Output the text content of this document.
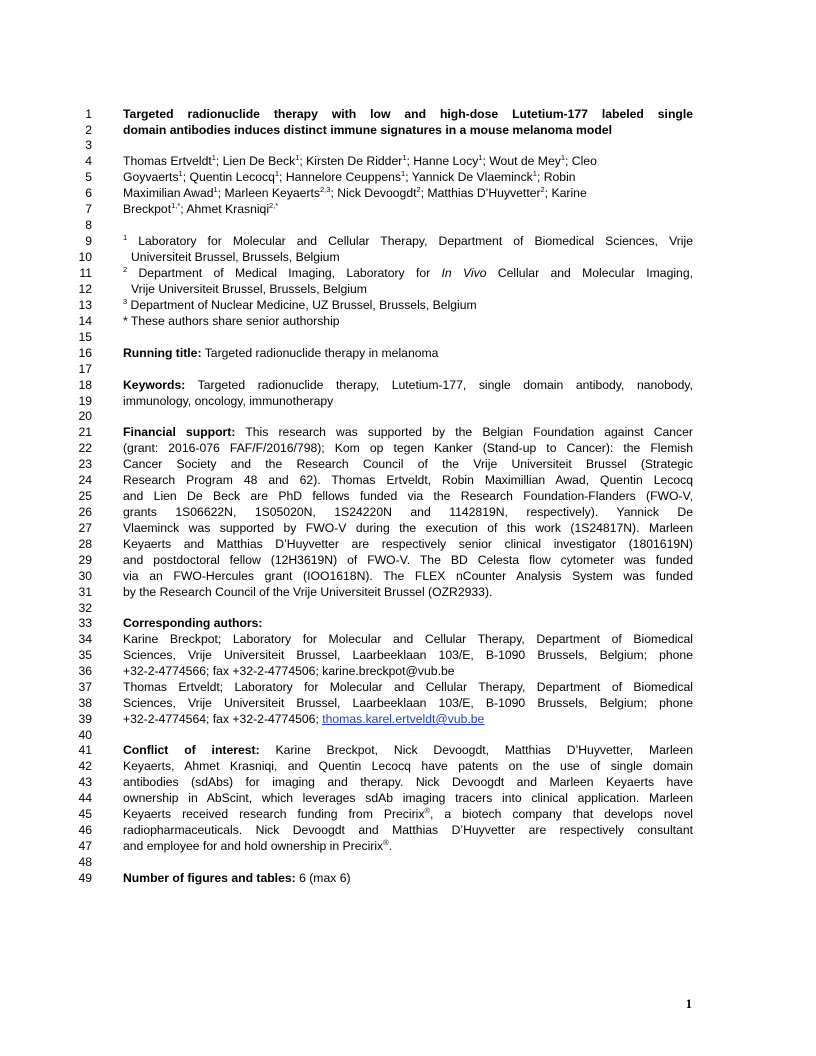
1
2
3
4
5
6
7
8
9
10
11
12
13
14
15
16
17
18
19
20
21
22
23
24
25
26
27
28
29
30
31
32
33
34
35
36
37
38
39
40
41
42
43
44
45
46
47
48
49
Targeted radionuclide therapy with low and high-dose Lutetium-177 labeled single
domain antibodies induces distinct immune signatures in a mouse melanoma model
Thomas Ertveldt$^1$; Lien De Beck$^1$; Kirsten De Ridder$^1$; Hanne Locy$^1$; Wout de Mey$^1$; Cleo
Goyvaerts$^1$; Quentin Lecocq$^1$; Hannelore Ceuppens$^1$; Yannick De Vlaeminck$^1$; Robin
Maximilian Awad$^1$; Marleen Keyaerts$^{2,3}$; Nick Devoogdt$^2$; Matthias D’Huyvetter$^2$; Karine
Breckpot$^{1,*}$; Ahmet Krasniqi$^{2,*}$
$^1$ Laboratory for Molecular and Cellular Therapy, Department of Biomedical Sciences, Vrije
Universiteit Brussel, Brussels, Belgium
$^2$ Department of Medical Imaging, Laboratory for In Vivo Cellular and Molecular Imaging,
Vrije Universiteit Brussel, Brussels, Belgium
$^3$ Department of Nuclear Medicine, UZ Brussel, Brussels, Belgium
* These authors share senior authorship
Running title: Targeted radionuclide therapy in melanoma
Keywords: Targeted radionuclide therapy, Lutetium-177, single domain antibody, nanobody,
immunology, oncology, immunotherapy
Financial support: This research was supported by the Belgian Foundation against Cancer
(grant: 2016-076 FAF/F/2016/798); Kom op tegen Kanker (Stand-up to Cancer): the Flemish
Cancer Society and the Research Council of the Vrije Universiteit Brussel (Strategic
Research Program 48 and 62). Thomas Ertveldt, Robin Maximillian Awad, Quentin Lecocq
and Lien De Beck are PhD fellows funded via the Research Foundation-Flanders (FWO-V,
grants 1S06622N, 1S05020N, 1S24220N and 1142819N, respectively). Yannick De
Vlaeminck was supported by FWO-V during the execution of this work (1S24817N). Marleen
Keyaerts and Matthias D’Huyvetter are respectively senior clinical investigator (1801619N)
and postdoctoral fellow (12H3619N) of FWO-V. The BD Celesta flow cytometer was funded
via an FWO-Hercules grant (IOO1618N). The FLEX nCounter Analysis System was funded
by the Research Council of the Vrije Universiteit Brussel (OZR2933).
Corresponding authors:
Karine Breckpot; Laboratory for Molecular and Cellular Therapy, Department of Biomedical
Sciences, Vrije Universiteit Brussel, Laarbeeklaan 103/E, B-1090 Brussels, Belgium; phone
+32-2-4774566; fax +32-2-4774506; karine.breckpot@vub.be
Thomas Ertveldt; Laboratory for Molecular and Cellular Therapy, Department of Biomedical
Sciences, Vrije Universiteit Brussel, Laarbeeklaan 103/E, B-1090 Brussels, Belgium; phone
+32-2-4774564; fax +32-2-4774506; thomas.karel.ertveldt@vub.be
Conflict of interest: Karine Breckpot, Nick Devoogdt, Matthias D’Huyvetter, Marleen
Keyaerts, Ahmet Krasniqi, and Quentin Lecocq have patents on the use of single domain
antibodies (sdAbs) for imaging and therapy. Nick Devoogdt and Marleen Keyaerts have
ownership in AbScint, which leverages sdAb imaging tracers into clinical application. Marleen
Keyaerts received research funding from Precirix®, a biotech company that develops novel
radiopharmaceuticals. Nick Devoogdt and Matthias D’Huyvetter are respectively consultant
and employee for and hold ownership in Precirix®.
Number of figures and tables: 6 (max 6)
1
